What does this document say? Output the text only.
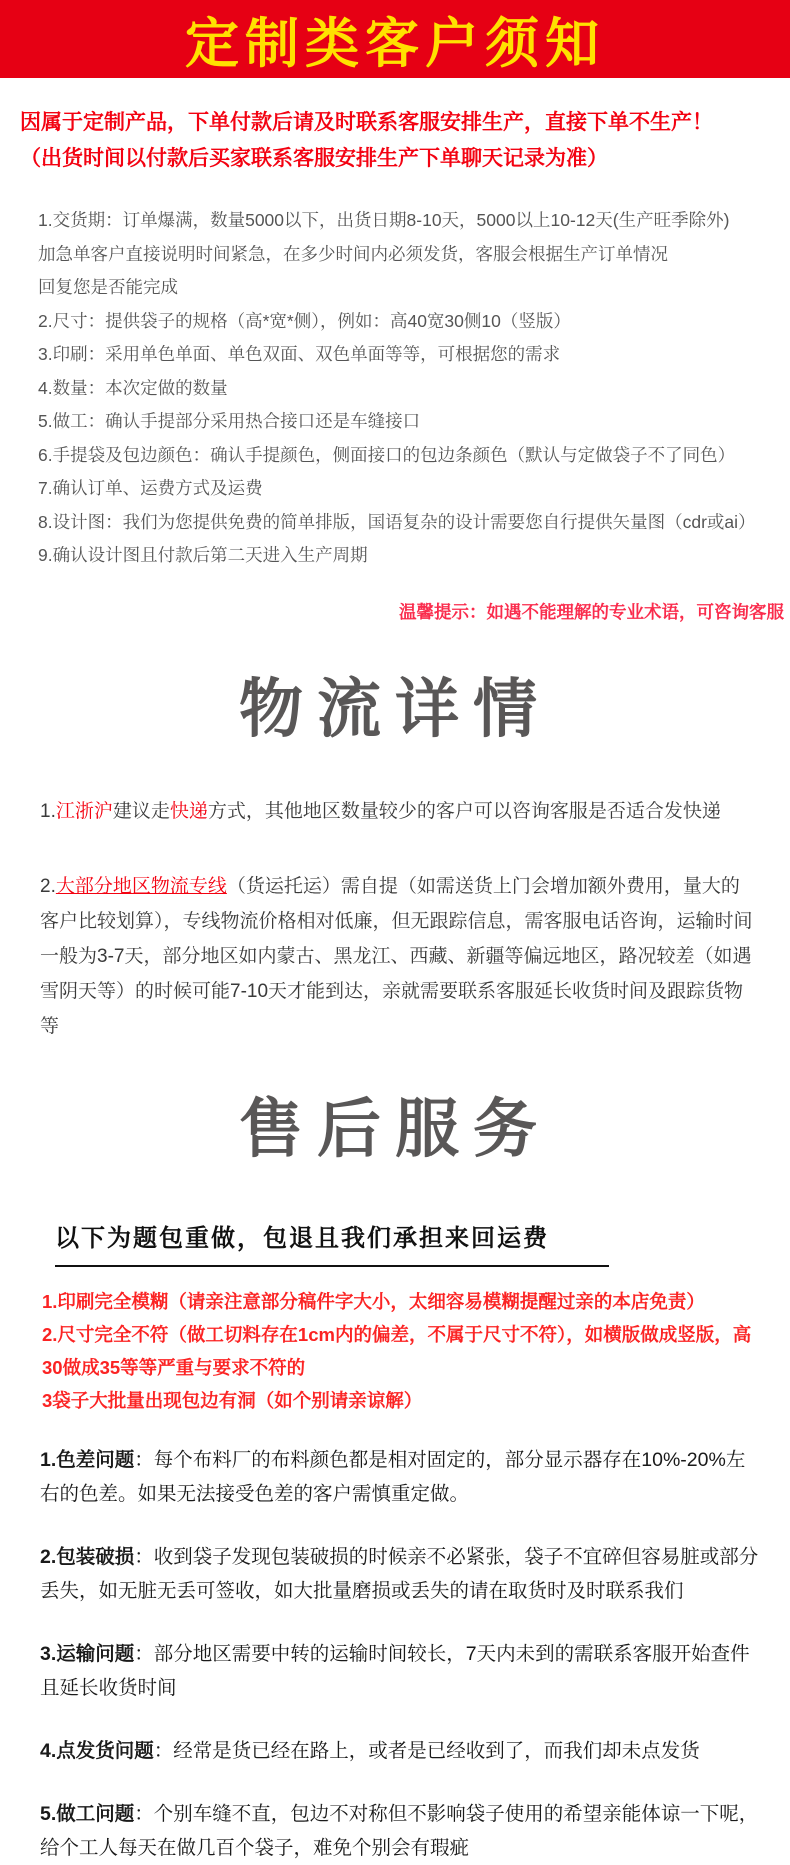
定制类客户须知
因属于定制产品，下单付款后请及时联系客服安排生产，直接下单不生产！
（出货时间以付款后买家联系客服安排生产下单聊天记录为准）
1.交货期：订单爆满，数量5000以下，出货日期8-10天，5000以上10-12天(生产旺季除外)
加急单客户直接说明时间紧急，在多少时间内必须发货，客服会根据生产订单情况
回复您是否能完成
2.尺寸：提供袋子的规格（高*宽*侧），例如：高40宽30侧10（竖版）
3.印刷：采用单色单面、单色双面、双色单面等等，可根据您的需求
4.数量：本次定做的数量
5.做工：确认手提部分采用热合接口还是车缝接口
6.手提袋及包边颜色：确认手提颜色，侧面接口的包边条颜色（默认与定做袋子不了同色）
7.确认订单、运费方式及运费
8.设计图：我们为您提供免费的简单排版，国语复杂的设计需要您自行提供矢量图（cdr或ai）
9.确认设计图且付款后第二天进入生产周期
温馨提示：如遇不能理解的专业术语，可咨询客服
物流详情
1.江浙沪建议走快递方式，其他地区数量较少的客户可以咨询客服是否适合发快递
2.大部分地区物流专线（货运托运）需自提（如需送货上门会增加额外费用，量大的客户比较划算），专线物流价格相对低廉，但无跟踪信息，需客服电话咨询，运输时间一般为3-7天，部分地区如内蒙古、黑龙江、西藏、新疆等偏远地区，路况较差（如遇雪阴天等）的时候可能7-10天才能到达，亲就需要联系客服延长收货时间及跟踪货物等
售后服务
以下为题包重做，包退且我们承担来回运费
1.印刷完全模糊（请亲注意部分稿件字大小，太细容易模糊提醒过亲的本店免责）
2.尺寸完全不符（做工切料存在1cm内的偏差，不属于尺寸不符），如横版做成竖版，高30做成35等等严重与要求不符的
3袋子大批量出现包边有洞（如个别请亲谅解）
1.色差问题：每个布料厂的布料颜色都是相对固定的，部分显示器存在10%-20%左右的色差。如果无法接受色差的客户需慎重定做。
2.包装破损：收到袋子发现包装破损的时候亲不必紧张，袋子不宜碎但容易脏或部分丢失，如无脏无丢可签收，如大批量磨损或丢失的请在取货时及时联系我们
3.运输问题：部分地区需要中转的运输时间较长，7天内未到的需联系客服开始查件且延长收货时间
4.点发货问题：经常是货已经在路上，或者是已经收到了，而我们却未点发货
5.做工问题：个别车缝不直，包边不对称但不影响袋子使用的希望亲能体谅一下呢，给个工人每天在做几百个袋子，难免个别会有瑕疵
